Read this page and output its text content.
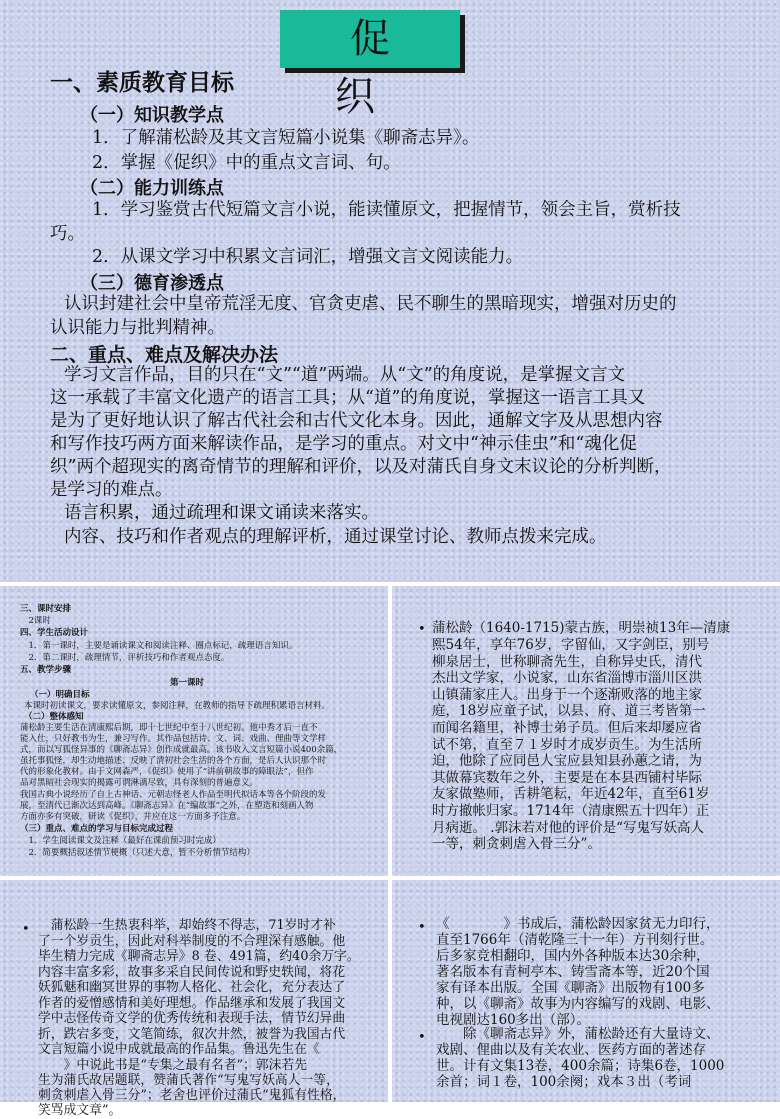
促　织
一、素质教育目标
（一）知识教学点
1．了解蒲松龄及其文言短篇小说集《聊斋志异》。
2．掌握《促织》中的重点文言词、句。
（二）能力训练点
1．学习鉴赏古代短篇文言小说，能读懂原文，把握情节，领会主旨，赏析技
巧。
2．从课文学习中积累文言词汇，增强文言文阅读能力。
（三）德育渗透点
认识封建社会中皇帝荒淫无度、官贪吏虐、民不聊生的黑暗现实，增强对历史的
认识能力与批判精神。
二、重点、难点及解决办法
学习文言作品，目的只在“文”“道”两端。从“文”的角度说，是掌握文言文
这一承载了丰富文化遗产的语言工具；从“道”的角度说，掌握这一语言工具又
是为了更好地认识了解古代社会和古代文化本身。因此，通解文字及从思想内容
和写作技巧两方面来解读作品，是学习的重点。对文中“神示佳虫”和“魂化促
织”两个超现实的离奇情节的理解和评价，以及对蒲氏自身文末议论的分析判断，
是学习的难点。
语言积累，通过疏理和课文诵读来落实。
内容、技巧和作者观点的理解评析，通过课堂讨论、教师点拨来完成。
三、课时安排
　2课时
四、学生活动设计
　1．第一课时，主要是诵读课文和阅读注释、圈点标记，疏理语言知识。
　2．第二课时，疏理情节，评析技巧和作者观点态度。
五、教学步骤
第一课时
（一）明确目标
本课时初读课文，要求读懂原文，参阅注释，在教师的指导下疏理积累语言材料。
（二）整体感知
蒲松龄主要生活在清康熙后期，即十七世纪中至十八世纪初。他中秀才后一直不
能入仕，只好教书为生，兼习写作。其作品包括诗、文、词、戏曲、俚曲等文学样
式，而以写狐怪异事的《聊斋志异》创作成就最高。该书收入文言短篇小说400余篇，
虽托事狐怪，却生动地描述、反映了清初社会生活的各个方面，是后人认识那个时
代的形象化教材。由于文网森严，《促织》使用了“讲前朝故事的障眼法”，但作
品对黑暗社会现实的揭露可谓淋漓尽致，具有深刻的普遍意义。
我国古典小说经历了自上古神话、元朝志怪老人作品至明代拟话本等各个阶段的发
展，至清代已渐次达到高峰。《聊斋志异》在“编故事”之外，在塑造和刻画人物
方面亦多有突破，研读《促织》，并应在这一方面多予注意。
（三）重点、难点的学习与目标完成过程
　1．学生阅读课文及注释（最好在课前预习时完成）
　2．简要概括叙述情节梗概（只述大意，暂不分析情节结构）
• 蒲松龄（1640-1715)蒙古族，明崇祯13年—清康
熙54年，享年76岁，字留仙，又字剑臣，别号
柳泉居士，世称聊斋先生，自称异史氏，清代
杰出文学家，小说家，山东省淄博市淄川区洪
山镇蒲家庄人。出身于一个逐渐败落的地主家
庭，18岁应童子试，以县、府、道三考皆第一
而闻名籍里，补博士弟子员。但后来却屡应省
试不第，直至７１岁时才成岁贡生。为生活所
迫，他除了应同邑人宝应县知县孙蕙之请，为
其做幕宾数年之外，主要是在本县西铺村毕际
友家做塾师，舌耕笔耘，年近42年，直至61岁
时方撤帐归家。1714年（清康熙五十四年）正
月病逝。 .郭沫若对他的评价是“写鬼写妖高人
一等，刺贪刺虐入骨三分”。
• 　蒲松龄一生热衷科举，却始终不得志，71岁时才补
了一个岁贡生，因此对科举制度的不合理深有感触。他
毕生精力完成《聊斋志异》8 卷、491篇，约40余万字。
内容丰富多彩，故事多采自民间传说和野史轶闻，将花
妖狐魅和幽冥世界的事物人格化、社会化，充分表达了
作者的爱憎感情和美好理想。作品继承和发展了我国文
学中志怪传奇文学的优秀传统和表现手法，情节幻异曲
折，跌宕多变，文笔简练，叙次井然，被誉为我国古代
文言短篇小说中成就最高的作品集。鲁迅先生在《
　　》中说此书是“专集之最有名者”；郭沫若先
生为蒲氏故居题联，赞蒲氏著作“写鬼写妖高人一等，
刺贪刺虐入骨三分”；老舍也评价过蒲氏“鬼狐有性格，
笑骂成文章”。
• 《　　　　》书成后，蒲松龄因家贫无力印行，
直至1766年（清乾隆三十一年）方刊刻行世。
后多家竞相翻印，国内外各种版本达30余种，
著名版本有青柯亭本、铸雪斋本等，近20个国
家有译本出版。全国《聊斋》出版物有100多
种，以《聊斋》故事为内容编写的戏剧、电影、
电视剧达160多出（部）。
• 　　除《聊斋志异》外，蒲松龄还有大量诗文、
戏剧、俚曲以及有关农业、医药方面的著述存
世。计有文集13卷，400余篇；诗集6卷，1000
余首；词１卷，100余阕；戏本３出（考词
